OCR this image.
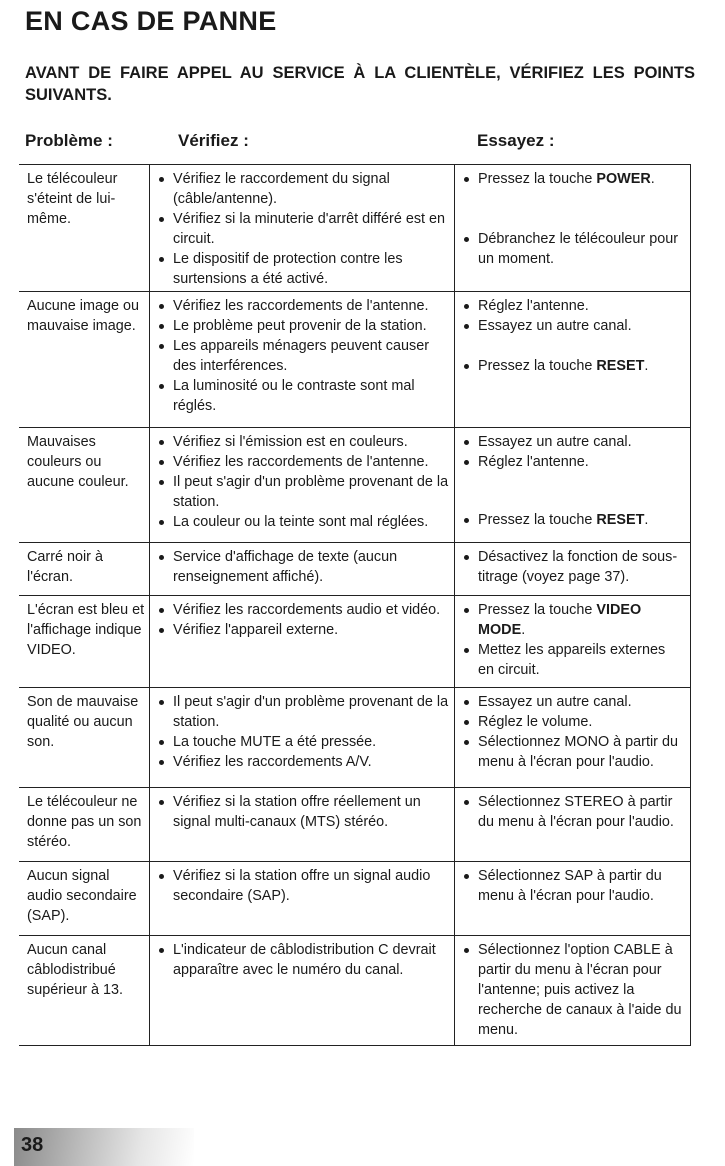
EN CAS DE PANNE

AVANT DE FAIRE APPEL AU SERVICE À LA CLIENTÈLE, VÉRIFIEZ LES POINTS SUIVANTS.

Problème :	Vérifiez :	Essayez :
Le télécouleur s'éteint de lui-même.
Vérifiez le raccordement du signal (câble/antenne).
Vérifiez si la minuterie d'arrêt différé est en circuit.
Le dispositif de protection contre les surtensions a été activé.
Pressez la touche POWER.
Débranchez le télécouleur pour un moment.
Aucune image ou mauvaise image.
Vérifiez les raccordements de l'antenne.
Le problème peut provenir de la station.
Les appareils ménagers peuvent causer des interférences.
La luminosité ou le contraste sont mal réglés.
Réglez l'antenne.
Essayez un autre canal.
Pressez la touche RESET.
Mauvaises couleurs ou aucune couleur.
Vérifiez si l'émission est en couleurs.
Vérifiez les raccordements de l'antenne.
Il peut s'agir d'un problème provenant de la station.
La couleur ou la teinte sont mal réglées.
Essayez un autre canal.
Réglez l'antenne.
Pressez la touche RESET.
Carré noir à l'écran.
Service d'affichage de texte (aucun renseignement affiché).
Désactivez la fonction de sous-titrage (voyez page 37).
L'écran est bleu et l'affichage indique VIDEO.
Vérifiez les raccordements audio et vidéo.
Vérifiez l'appareil externe.
Pressez la touche VIDEO MODE.
Mettez les appareils externes en circuit.
Son de mauvaise qualité ou aucun son.
Il peut s'agir d'un problème provenant de la station.
La touche MUTE a été pressée.
Vérifiez les raccordements A/V.
Essayez un autre canal.
Réglez le volume.
Sélectionnez MONO à partir du menu à l'écran pour l'audio.
Le télécouleur ne donne pas un son stéréo.
Vérifiez si la station offre réellement un signal multi-canaux (MTS) stéréo.
Sélectionnez STEREO à partir du menu à l'écran pour l'audio.
Aucun signal audio secondaire (SAP).
Vérifiez si la station offre un signal audio secondaire (SAP).
Sélectionnez SAP à partir du menu à l'écran pour l'audio.
Aucun canal câblodistribué supérieur à 13.
L'indicateur de câblodistribution C devrait apparaître avec le numéro du canal.
Sélectionnez l'option CABLE à partir du menu à l'écran pour l'antenne; puis activez la recherche de canaux à l'aide du menu.
38
